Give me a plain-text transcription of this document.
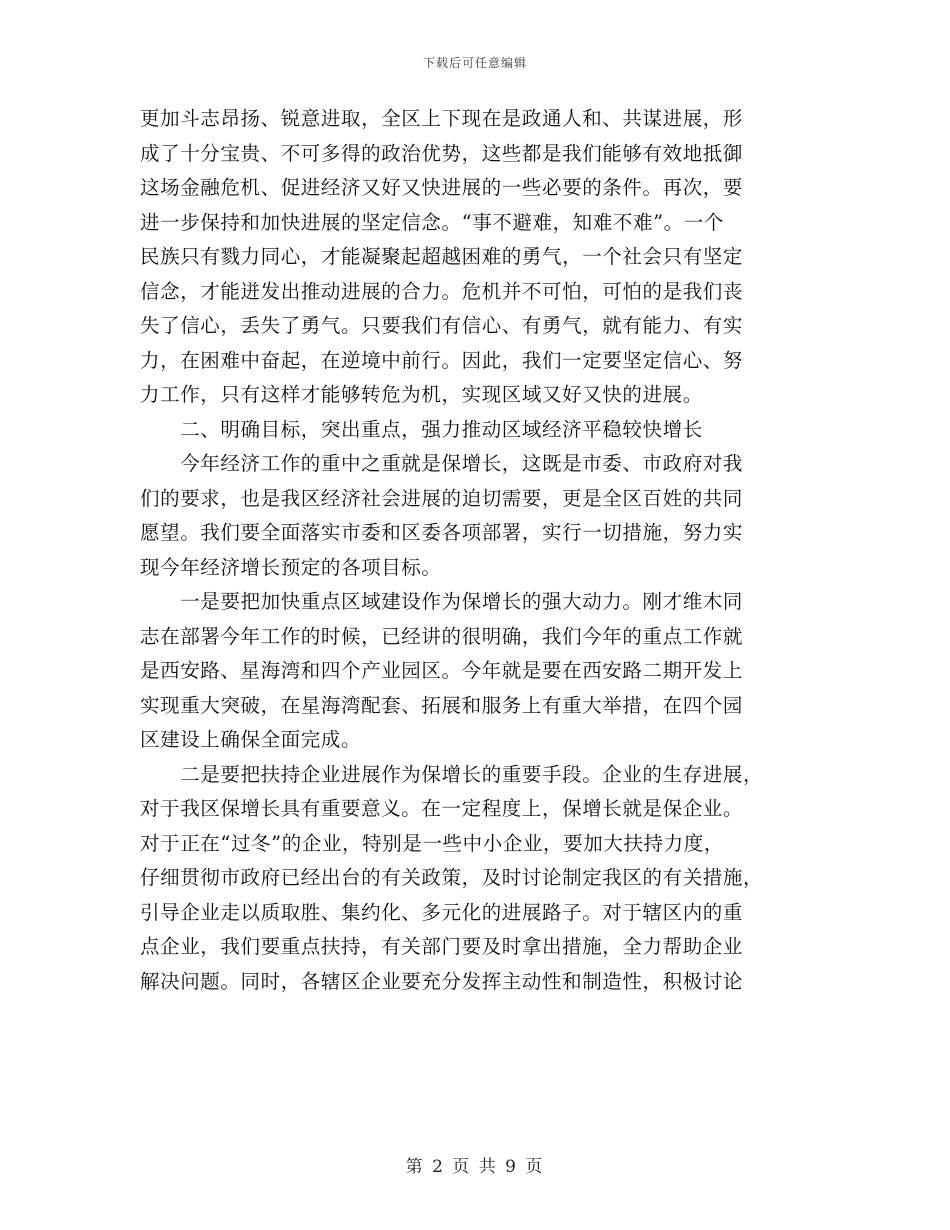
下载后可任意编辑
更加斗志昂扬、锐意进取，全区上下现在是政通人和、共谋进展，形
成了十分宝贵、不可多得的政治优势，这些都是我们能够有效地抵御
这场金融危机、促进经济又好又快进展的一些必要的条件。再次，要
进一步保持和加快进展的坚定信念。“事不避难，知难不难”。一个
民族只有戮力同心，才能凝聚起超越困难的勇气，一个社会只有坚定
信念，才能迸发出推动进展的合力。危机并不可怕，可怕的是我们丧
失了信心，丢失了勇气。只要我们有信心、有勇气，就有能力、有实
力，在困难中奋起，在逆境中前行。因此，我们一定要坚定信心、努
力工作，只有这样才能够转危为机，实现区域又好又快的进展。
　　二、明确目标，突出重点，强力推动区域经济平稳较快增长
　　今年经济工作的重中之重就是保增长，这既是市委、市政府对我
们的要求，也是我区经济社会进展的迫切需要，更是全区百姓的共同
愿望。我们要全面落实市委和区委各项部署，实行一切措施，努力实
现今年经济增长预定的各项目标。
　　一是要把加快重点区域建设作为保增长的强大动力。刚才维木同
志在部署今年工作的时候，已经讲的很明确，我们今年的重点工作就
是西安路、星海湾和四个产业园区。今年就是要在西安路二期开发上
实现重大突破，在星海湾配套、拓展和服务上有重大举措，在四个园
区建设上确保全面完成。
　　二是要把扶持企业进展作为保增长的重要手段。企业的生存进展，
对于我区保增长具有重要意义。在一定程度上，保增长就是保企业。
对于正在“过冬”的企业，特别是一些中小企业，要加大扶持力度，
仔细贯彻市政府已经出台的有关政策，及时讨论制定我区的有关措施，
引导企业走以质取胜、集约化、多元化的进展路子。对于辖区内的重
点企业，我们要重点扶持，有关部门要及时拿出措施，全力帮助企业
解决问题。同时，各辖区企业要充分发挥主动性和制造性，积极讨论
第 2 页 共 9 页
